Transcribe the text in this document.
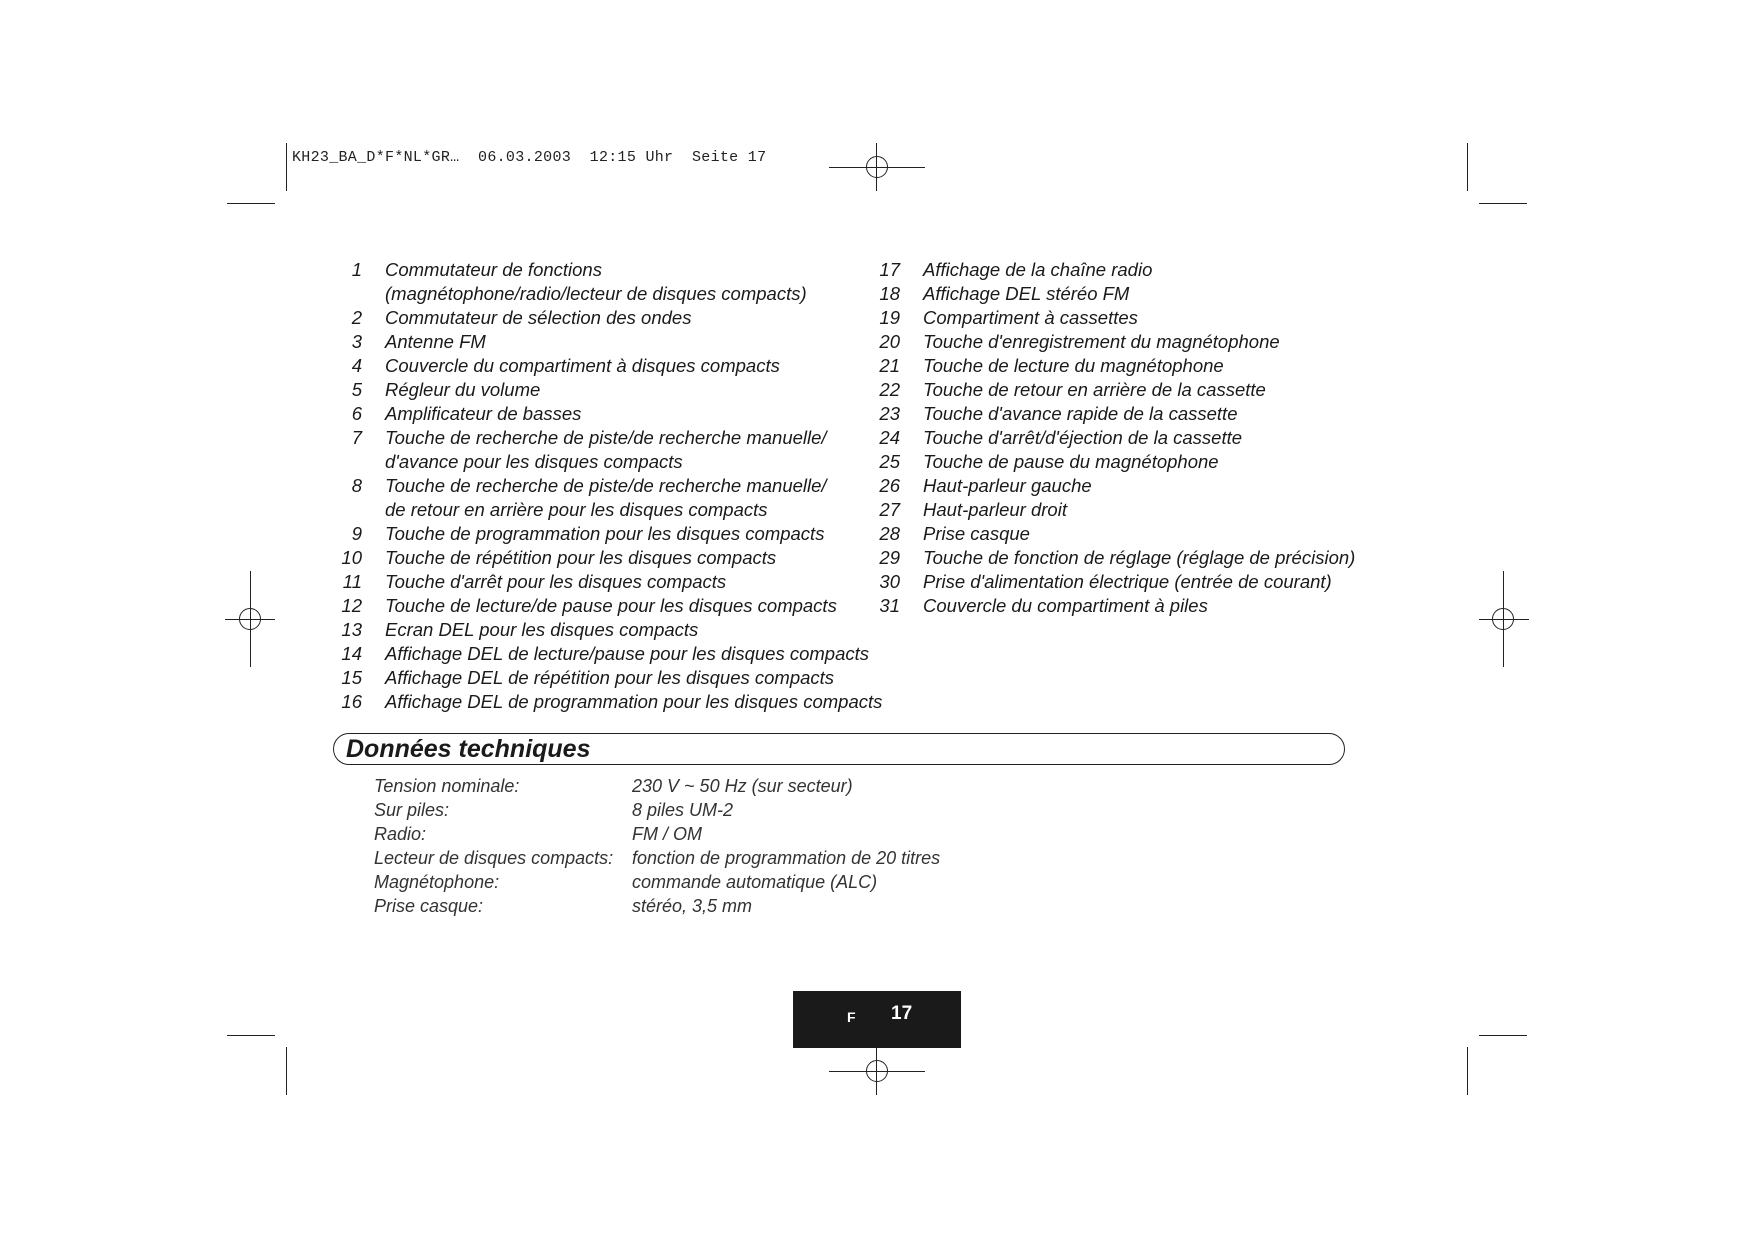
KH23_BA_D*F*NL*GR…  06.03.2003  12:15 Uhr  Seite 17
1 Commutateur de fonctions
(magnétophone/radio/lecteur de disques compacts)
2 Commutateur de sélection des ondes
3 Antenne FM
4 Couvercle du compartiment à disques compacts
5 Régleur du volume
6 Amplificateur de basses
7 Touche de recherche de piste/de recherche manuelle/
d'avance pour les disques compacts
8 Touche de recherche de piste/de recherche manuelle/
de retour en arrière pour les disques compacts
9 Touche de programmation pour les disques compacts
10 Touche de répétition pour les disques compacts
11 Touche d'arrêt pour les disques compacts
12 Touche de lecture/de pause pour les disques compacts
13 Ecran DEL pour les disques compacts
14 Affichage DEL de lecture/pause pour les disques compacts
15 Affichage DEL de répétition pour les disques compacts
16 Affichage DEL de programmation pour les disques compacts
17 Affichage de la chaîne radio
18 Affichage DEL stéréo FM
19 Compartiment à cassettes
20 Touche d'enregistrement du magnétophone
21 Touche de lecture du magnétophone
22 Touche de retour en arrière de la cassette
23 Touche d'avance rapide de la cassette
24 Touche d'arrêt/d'éjection de la cassette
25 Touche de pause du magnétophone
26 Haut-parleur gauche
27 Haut-parleur droit
28 Prise casque
29 Touche de fonction de réglage (réglage de précision)
30 Prise d'alimentation électrique (entrée de courant)
31 Couvercle du compartiment à piles
Données techniques
Tension nominale:	230 V ~ 50 Hz (sur secteur)
Sur piles:	8 piles UM-2
Radio:	FM / OM
Lecteur de disques compacts: fonction de programmation de 20 titres
Magnétophone:	commande automatique (ALC)
Prise casque:	stéréo, 3,5 mm
F 17
